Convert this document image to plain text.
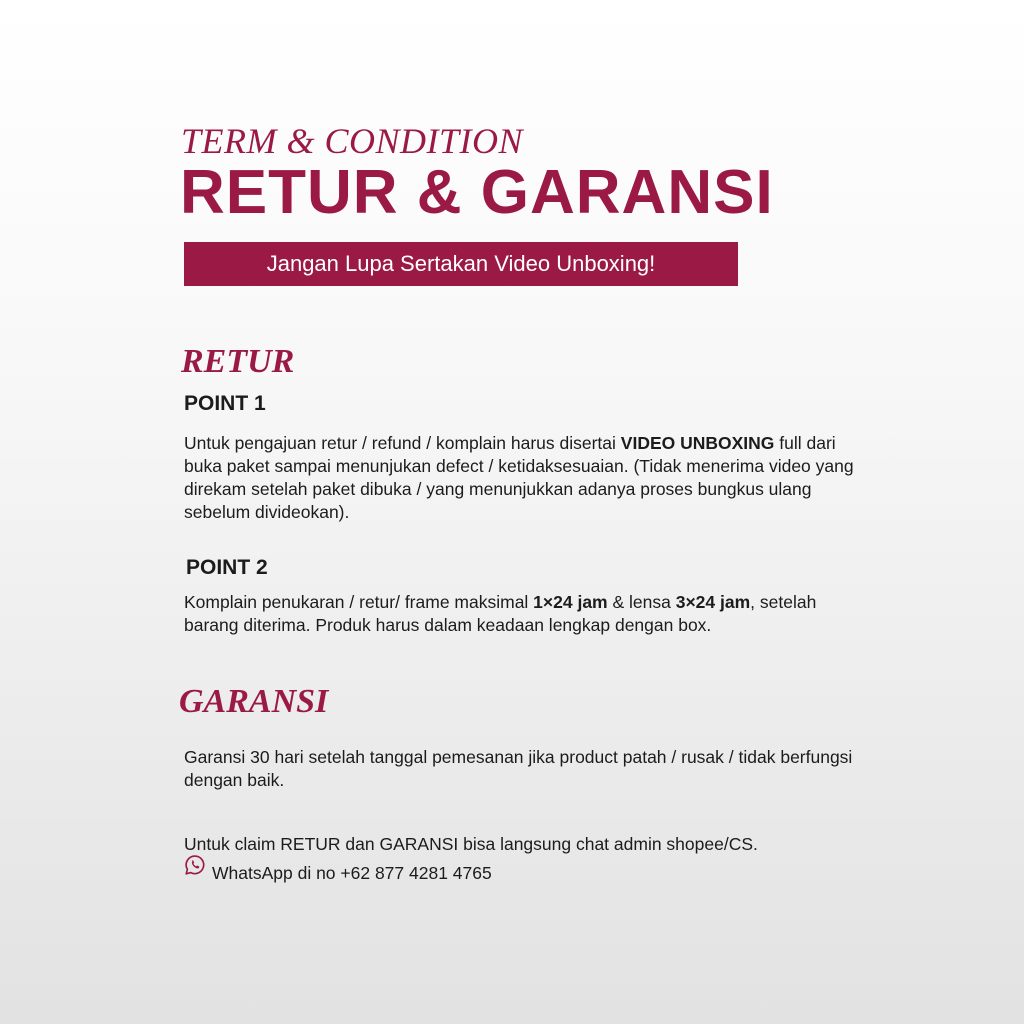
TERM & CONDITION
RETUR & GARANSI
Jangan Lupa Sertakan Video Unboxing!
RETUR
POINT 1
Untuk pengajuan retur / refund / komplain harus disertai VIDEO UNBOXING full dari buka paket sampai menunjukan defect / ketidaksesuaian. (Tidak menerima video yang direkam setelah paket dibuka / yang menunjukkan adanya proses bungkus ulang sebelum divideokan).
POINT 2
Komplain penukaran / retur/ frame maksimal 1×24 jam & lensa 3×24 jam, setelah barang diterima. Produk harus dalam keadaan lengkap dengan box.
GARANSI
Garansi 30 hari setelah tanggal pemesanan jika product patah / rusak / tidak berfungsi dengan baik.
Untuk claim RETUR dan GARANSI bisa langsung chat admin shopee/CS.
WhatsApp di no +62 877 4281 4765
